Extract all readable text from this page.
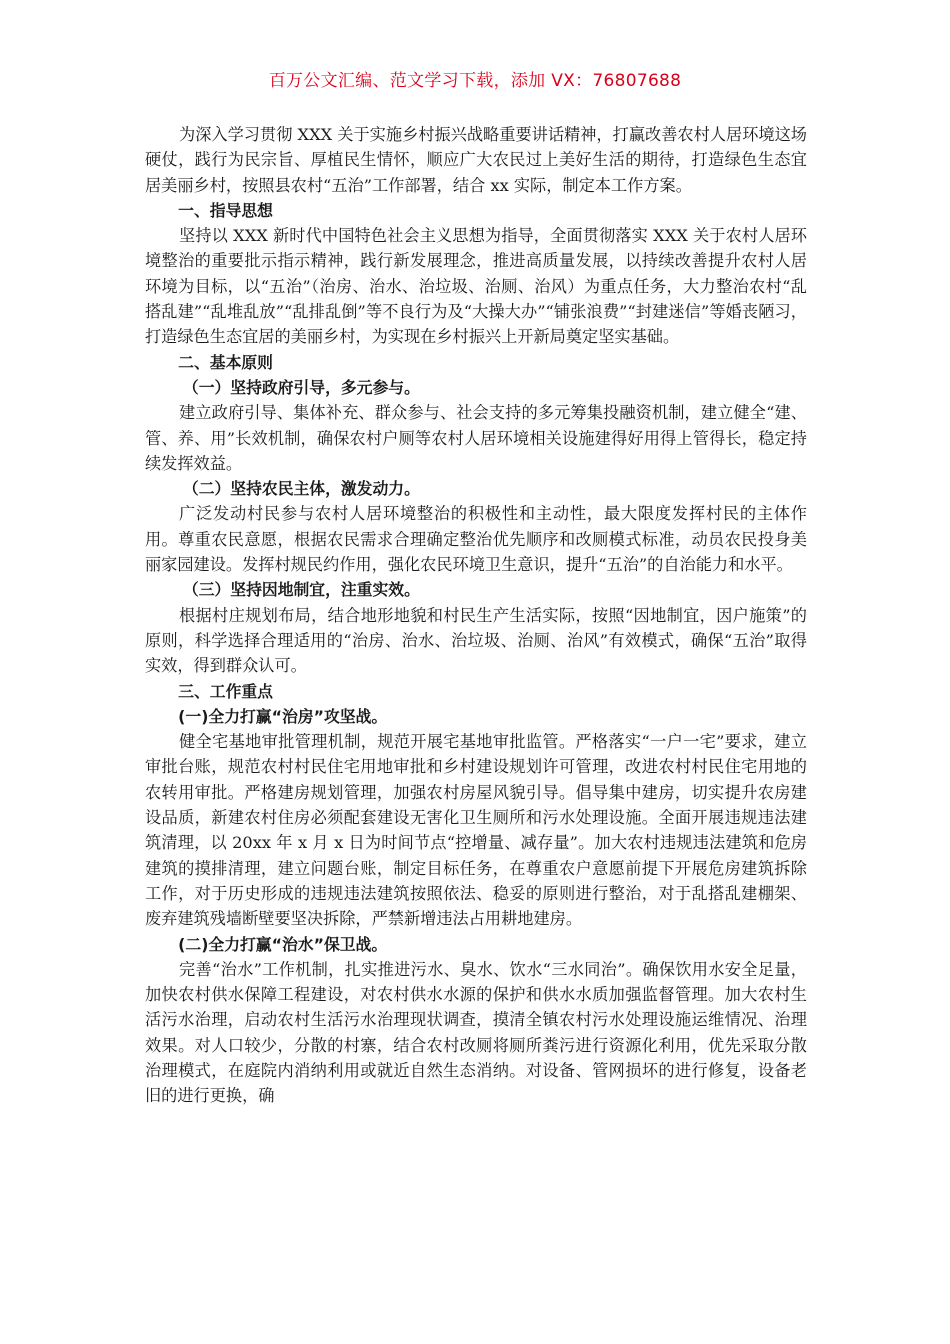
百万公文汇编、范文学习下载，添加 VX：76807688

为深入学习贯彻 XXX 关于实施乡村振兴战略重要讲话精神，打赢改善农村人居环境这场硬仗，践行为民宗旨、厚植民生情怀，顺应广大农民过上美好生活的期待，打造绿色生态宜居美丽乡村，按照县农村“五治”工作部署，结合 xx 实际，制定本工作方案。

一、指导思想

坚持以 XXX 新时代中国特色社会主义思想为指导，全面贯彻落实 XXX 关于农村人居环境整治的重要批示指示精神，践行新发展理念，推进高质量发展，以持续改善提升农村人居环境为目标，以“五治”（治房、治水、治垃圾、治厕、治风）为重点任务，大力整治农村“乱搭乱建”“乱堆乱放”“乱排乱倒”等不良行为及“大操大办”“铺张浪费”“封建迷信”等婚丧陋习，打造绿色生态宜居的美丽乡村，为实现在乡村振兴上开新局奠定坚实基础。

二、基本原则

（一）坚持政府引导，多元参与。

建立政府引导、集体补充、群众参与、社会支持的多元筹集投融资机制，建立健全“建、管、养、用”长效机制，确保农村户厕等农村人居环境相关设施建得好用得上管得长，稳定持续发挥效益。

（二）坚持农民主体，激发动力。

广泛发动村民参与农村人居环境整治的积极性和主动性，最大限度发挥村民的主体作用。尊重农民意愿，根据农民需求合理确定整治优先顺序和改厕模式标准，动员农民投身美丽家园建设。发挥村规民约作用，强化农民环境卫生意识，提升“五治”的自治能力和水平。

（三）坚持因地制宜，注重实效。

根据村庄规划布局，结合地形地貌和村民生产生活实际，按照“因地制宜，因户施策”的原则，科学选择合理适用的“治房、治水、治垃圾、治厕、治风”有效模式，确保“五治”取得实效，得到群众认可。

三、工作重点

(一)全力打赢“治房”攻坚战。

健全宅基地审批管理机制，规范开展宅基地审批监管。严格落实“一户一宅”要求，建立审批台账，规范农村村民住宅用地审批和乡村建设规划许可管理，改进农村村民住宅用地的农转用审批。严格建房规划管理，加强农村房屋风貌引导。倡导集中建房，切实提升农房建设品质，新建农村住房必须配套建设无害化卫生厕所和污水处理设施。全面开展违规违法建筑清理，以 20xx 年 x 月 x 日为时间节点“控增量、减存量”。加大农村违规违法建筑和危房建筑的摸排清理，建立问题台账，制定目标任务，在尊重农户意愿前提下开展危房建筑拆除工作，对于历史形成的违规违法建筑按照依法、稳妥的原则进行整治，对于乱搭乱建棚架、废弃建筑残墙断壁要坚决拆除，严禁新增违法占用耕地建房。

(二)全力打赢“治水”保卫战。

完善“治水”工作机制，扎实推进污水、臭水、饮水“三水同治”。确保饮用水安全足量，加快农村供水保障工程建设，对农村供水水源的保护和供水水质加强监督管理。加大农村生活污水治理，启动农村生活污水治理现状调查，摸清全镇农村污水处理设施运维情况、治理效果。对人口较少，分散的村寨，结合农村改厕将厕所粪污进行资源化利用，优先采取分散治理模式，在庭院内消纳利用或就近自然生态消纳。对设备、管网损坏的进行修复，设备老旧的进行更换，确
